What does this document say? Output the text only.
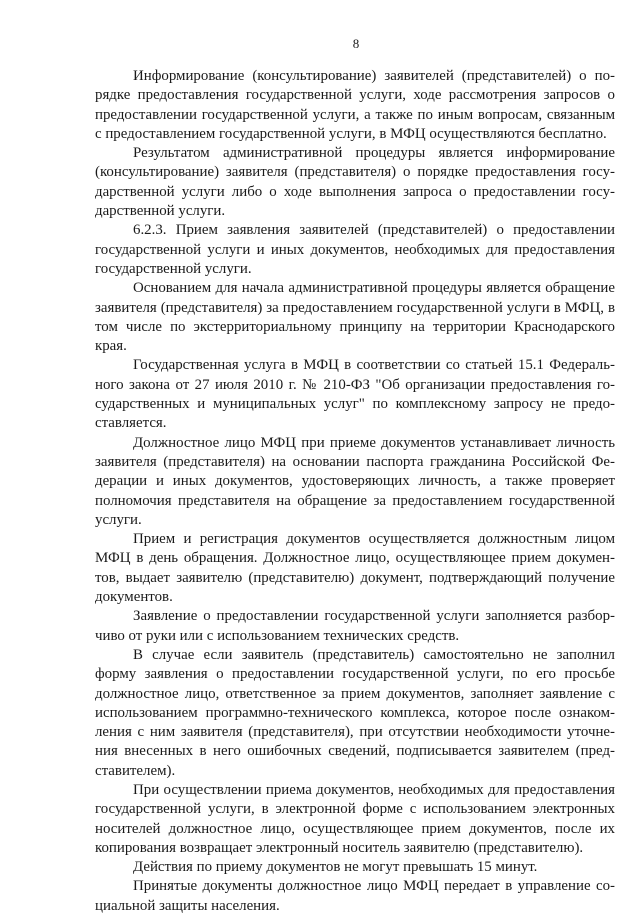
8

Информирование (консультирование) заявителей (представителей) о порядке предоставления государственной услуги, ходе рассмотрения запросов о предоставлении государственной услуги, а также по иным вопросам, связанным с предоставлением государственной услуги, в МФЦ осуществляются бесплатно.

Результатом административной процедуры является информирование (консультирование) заявителя (представителя) о порядке предоставления государственной услуги либо о ходе выполнения запроса о предоставлении государственной услуги.

6.2.3. Прием заявления заявителей (представителей) о предоставлении государственной услуги и иных документов, необходимых для предоставления государственной услуги.

Основанием для начала административной процедуры является обращение заявителя (представителя) за предоставлением государственной услуги в МФЦ, в том числе по экстерриториальному принципу на территории Краснодарского края.

Государственная услуга в МФЦ в соответствии со статьей 15.1 Федерального закона от 27 июля 2010 г. № 210-ФЗ "Об организации предоставления государственных и муниципальных услуг" по комплексному запросу не предоставляется.

Должностное лицо МФЦ при приеме документов устанавливает личность заявителя (представителя) на основании паспорта гражданина Российской Федерации и иных документов, удостоверяющих личность, а также проверяет полномочия представителя на обращение за предоставлением государственной услуги.

Прием и регистрация документов осуществляется должностным лицом МФЦ в день обращения. Должностное лицо, осуществляющее прием документов, выдает заявителю (представителю) документ, подтверждающий получение документов.

Заявление о предоставлении государственной услуги заполняется разборчиво от руки или с использованием технических средств.

В случае если заявитель (представитель) самостоятельно не заполнил форму заявления о предоставлении государственной услуги, по его просьбе должностное лицо, ответственное за прием документов, заполняет заявление с использованием программно-технического комплекса, которое после ознакомления с ним заявителя (представителя), при отсутствии необходимости уточнения внесенных в него ошибочных сведений, подписывается заявителем (представителем).

При осуществлении приема документов, необходимых для предоставления государственной услуги, в электронной форме с использованием электронных носителей должностное лицо, осуществляющее прием документов, после их копирования возвращает электронный носитель заявителю (представителю).

Действия по приему документов не могут превышать 15 минут.

Принятые документы должностное лицо МФЦ передает в управление социальной защиты населения.
